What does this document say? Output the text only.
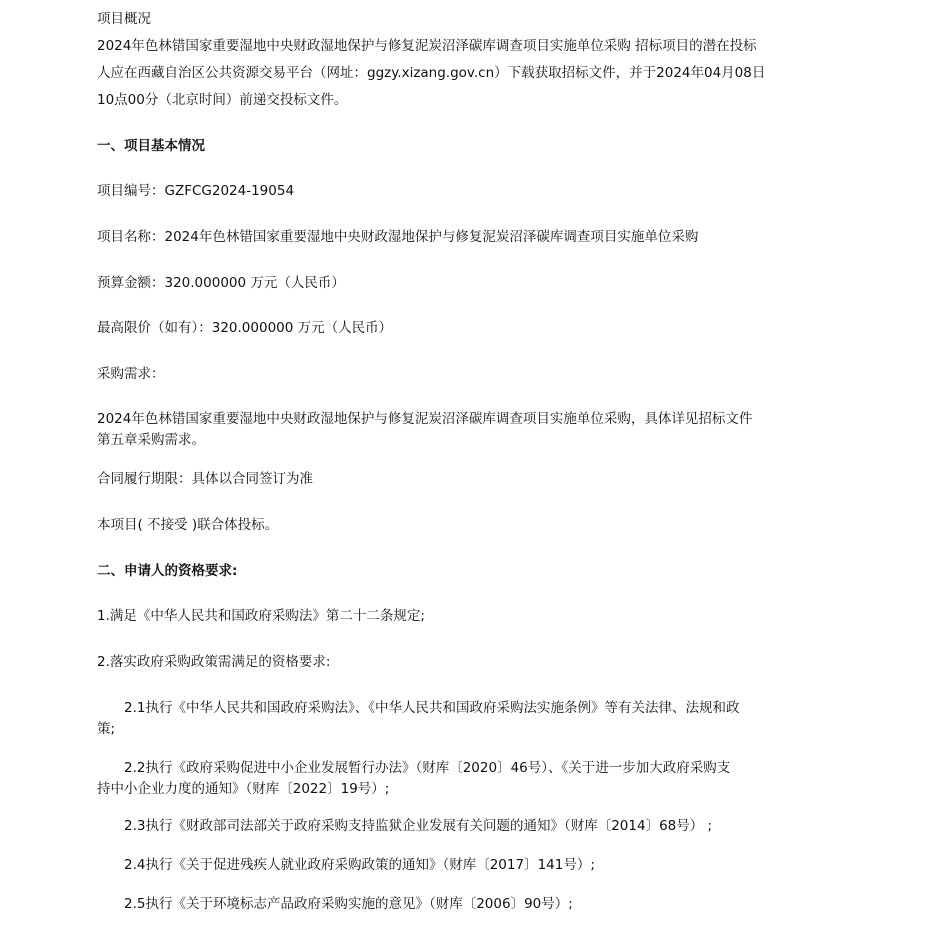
项目概况

2024年色林错国家重要湿地中央财政湿地保护与修复泥炭沼泽碳库调查项目实施单位采购 招标项目的潜在投标

人应在西藏自治区公共资源交易平台（网址：ggzy.xizang.gov.cn）下载获取招标文件，并于2024年04月08日

10点00分（北京时间）前递交投标文件。

一、项目基本情况

项目编号：GZFCG2024-19054

项目名称：2024年色林错国家重要湿地中央财政湿地保护与修复泥炭沼泽碳库调查项目实施单位采购

预算金额：320.000000 万元（人民币）

最高限价（如有）：320.000000 万元（人民币）

采购需求：

2024年色林错国家重要湿地中央财政湿地保护与修复泥炭沼泽碳库调查项目实施单位采购，具体详见招标文件

第五章采购需求。

合同履行期限：具体以合同签订为准

本项目( 不接受 )联合体投标。

二、申请人的资格要求:

1.满足《中华人民共和国政府采购法》第二十二条规定;

2.落实政府采购政策需满足的资格要求:

2.1执行《中华人民共和国政府采购法》、《中华人民共和国政府采购法实施条例》等有关法律、法规和政

策;

2.2执行《政府采购促进中小企业发展暂行办法》（财库〔2020〕46号）、《关于进一步加大政府采购支

持中小企业力度的通知》（财库〔2022〕19号）;

2.3执行《财政部司法部关于政府采购支持监狱企业发展有关问题的通知》（财库〔2014〕68号） ;

2.4执行《关于促进残疾人就业政府采购政策的通知》（财库〔2017〕141号）;

2.5执行《关于环境标志产品政府采购实施的意见》（财库〔2006〕90号）;
